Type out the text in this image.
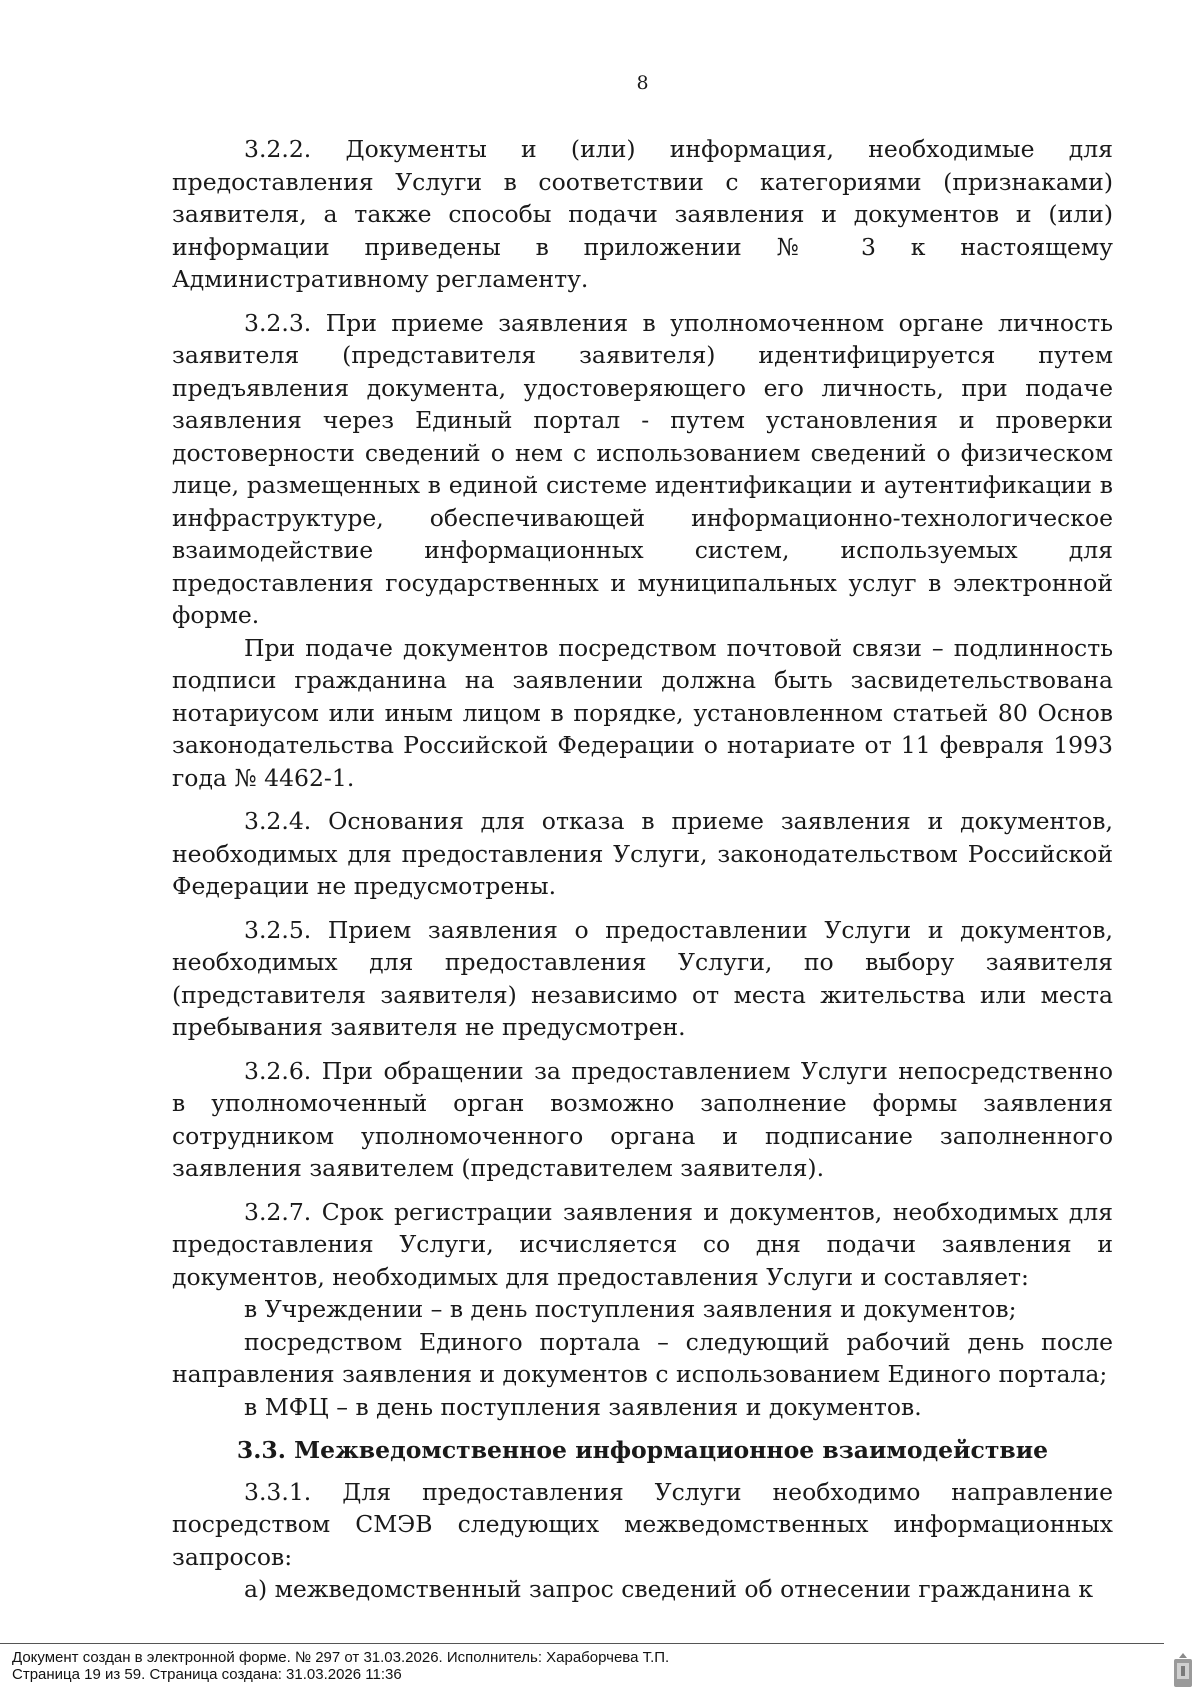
8

3.2.2. Документы и (или) информация, необходимые для предоставления Услуги в соответствии с категориями (признаками) заявителя, а также способы подачи заявления и документов и (или) информации приведены в приложении № 3 к настоящему Административному регламенту.

3.2.3. При приеме заявления в уполномоченном органе личность заявителя (представителя заявителя) идентифицируется путем предъявления документа, удостоверяющего его личность, при подаче заявления через Единый портал - путем установления и проверки достоверности сведений о нем с использованием сведений о физическом лице, размещенных в единой системе идентификации и аутентификации в инфраструктуре, обеспечивающей информационно-технологическое взаимодействие информационных систем, используемых для предоставления государственных и муниципальных услуг в электронной форме.

При подаче документов посредством почтовой связи – подлинность подписи гражданина на заявлении должна быть засвидетельствована нотариусом или иным лицом в порядке, установленном статьей 80 Основ законодательства Российской Федерации о нотариате от 11 февраля 1993 года № 4462-1.

3.2.4. Основания для отказа в приеме заявления и документов, необходимых для предоставления Услуги, законодательством Российской Федерации не предусмотрены.

3.2.5. Прием заявления о предоставлении Услуги и документов, необходимых для предоставления Услуги, по выбору заявителя (представителя заявителя) независимо от места жительства или места пребывания заявителя не предусмотрен.

3.2.6. При обращении за предоставлением Услуги непосредственно в уполномоченный орган возможно заполнение формы заявления сотрудником уполномоченного органа и подписание заполненного заявления заявителем (представителем заявителя).

3.2.7. Срок регистрации заявления и документов, необходимых для предоставления Услуги, исчисляется со дня подачи заявления и документов, необходимых для предоставления Услуги и составляет:

в Учреждении – в день поступления заявления и документов;

посредством Единого портала – следующий рабочий день после направления заявления и документов с использованием Единого портала;

в МФЦ – в день поступления заявления и документов.

3.3. Межведомственное информационное взаимодействие

3.3.1. Для предоставления Услуги необходимо направление посредством СМЭВ следующих межведомственных информационных запросов:

а) межведомственный запрос сведений об отнесении гражданина к

Документ создан в электронной форме. № 297 от 31.03.2026. Исполнитель: Хараборчева Т.П.
Страница 19 из 59. Страница создана: 31.03.2026 11:36
